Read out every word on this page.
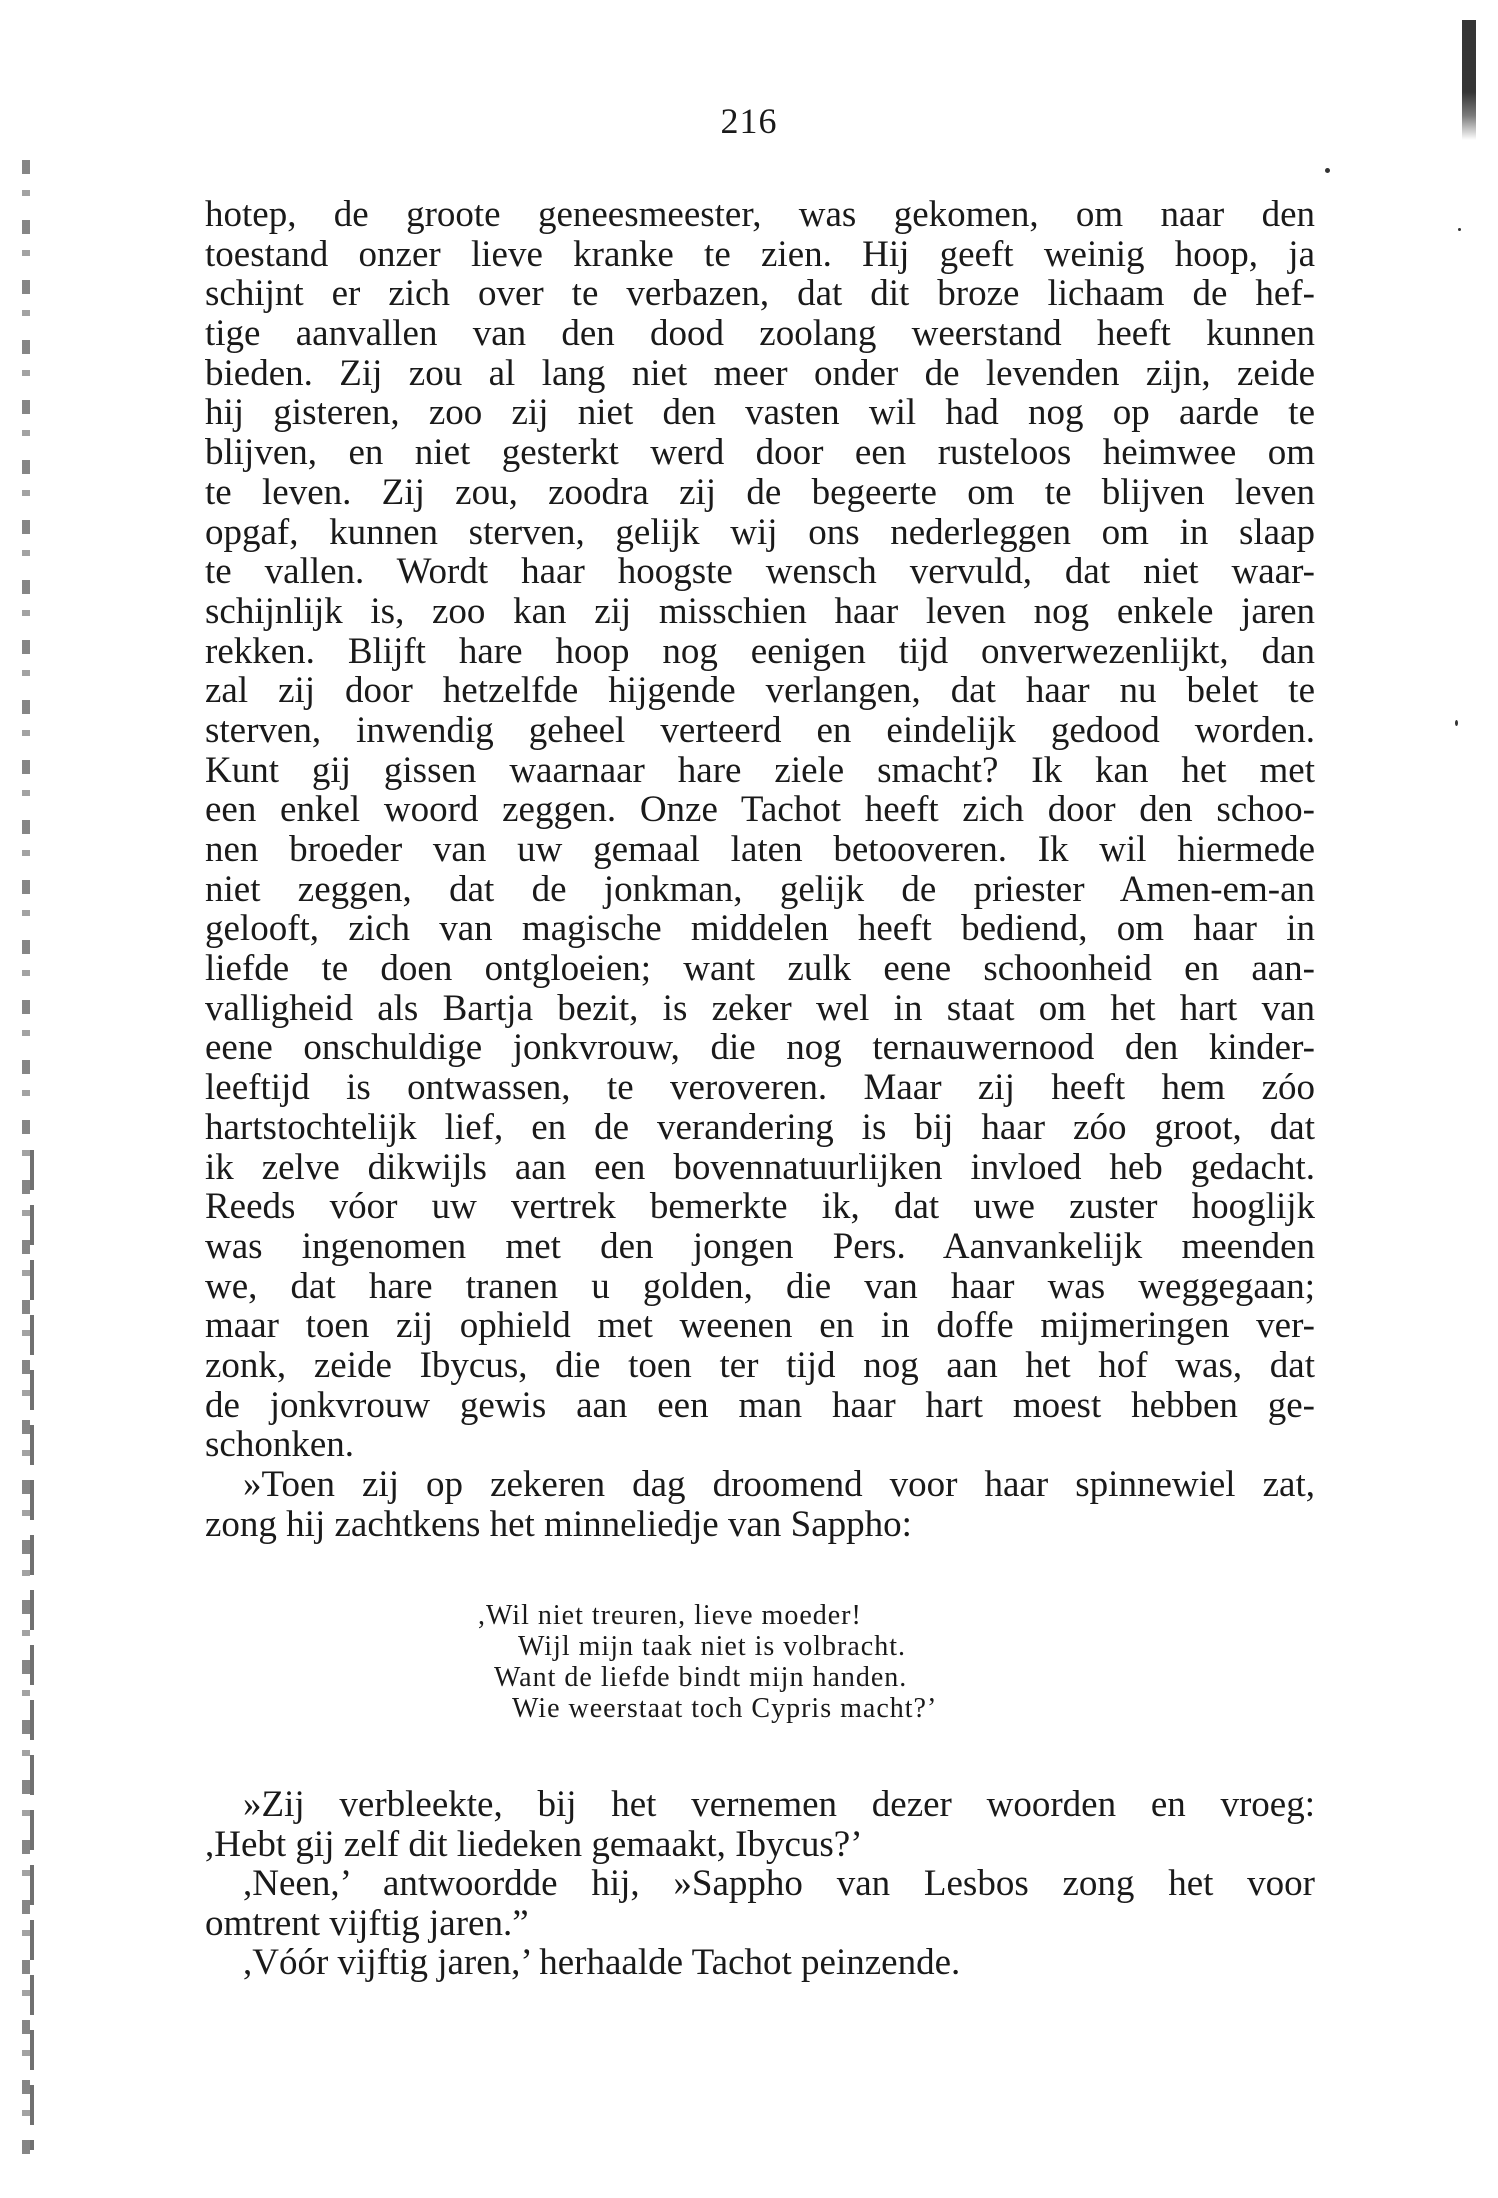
216
hotep, de groote geneesmeester, was gekomen, om naar den
toestand onzer lieve kranke te zien. Hij geeft weinig hoop, ja
schijnt er zich over te verbazen, dat dit broze lichaam de hef-
tige aanvallen van den dood zoolang weerstand heeft kunnen
bieden. Zij zou al lang niet meer onder de levenden zijn, zeide
hij gisteren, zoo zij niet den vasten wil had nog op aarde te
blijven, en niet gesterkt werd door een rusteloos heimwee om
te leven. Zij zou, zoodra zij de begeerte om te blijven leven
opgaf, kunnen sterven, gelijk wij ons nederleggen om in slaap
te vallen. Wordt haar hoogste wensch vervuld, dat niet waar-
schijnlijk is, zoo kan zij misschien haar leven nog enkele jaren
rekken. Blijft hare hoop nog eenigen tijd onverwezenlijkt, dan
zal zij door hetzelfde hijgende verlangen, dat haar nu belet te
sterven, inwendig geheel verteerd en eindelijk gedood worden.
Kunt gij gissen waarnaar hare ziele smacht? Ik kan het met
een enkel woord zeggen. Onze Tachot heeft zich door den schoo-
nen broeder van uw gemaal laten betooveren. Ik wil hiermede
niet zeggen, dat de jonkman, gelijk de priester Amen-em-an
gelooft, zich van magische middelen heeft bediend, om haar in
liefde te doen ontgloeien; want zulk eene schoonheid en aan-
valligheid als Bartja bezit, is zeker wel in staat om het hart van
eene onschuldige jonkvrouw, die nog ternauwernood den kinder-
leeftijd is ontwassen, te veroveren. Maar zij heeft hem zóo
hartstochtelijk lief, en de verandering is bij haar zóo groot, dat
ik zelve dikwijls aan een bovennatuurlijken invloed heb gedacht.
Reeds vóor uw vertrek bemerkte ik, dat uwe zuster hooglijk
was ingenomen met den jongen Pers. Aanvankelijk meenden
we, dat hare tranen u golden, die van haar was weggegaan;
maar toen zij ophield met weenen en in doffe mijmeringen ver-
zonk, zeide Ibycus, die toen ter tijd nog aan het hof was, dat
de jonkvrouw gewis aan een man haar hart moest hebben ge-
schonken.
»Toen zij op zekeren dag droomend voor haar spinnewiel zat,
zong hij zachtkens het minneliedje van Sappho:
,Wil niet treuren, lieve moeder!
Wijl mijn taak niet is volbracht.
Want de liefde bindt mijn handen.
Wie weerstaat toch Cypris macht?’
»Zij verbleekte, bij het vernemen dezer woorden en vroeg:
,Hebt gij zelf dit liedeken gemaakt, Ibycus?’
,Neen,’ antwoordde hij, »Sappho van Lesbos zong het voor
omtrent vijftig jaren.”
,Vóór vijftig jaren,’ herhaalde Tachot peinzende.
